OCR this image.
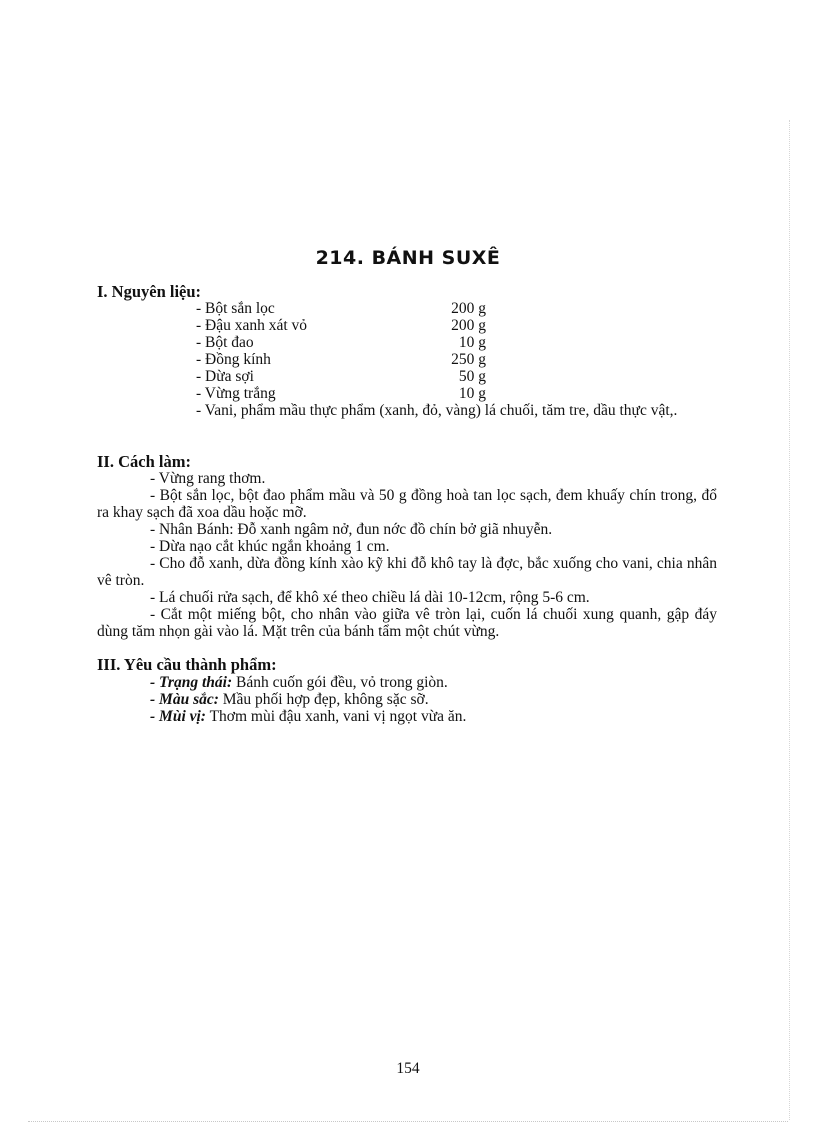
214. BÁNH SUXÊ
I. Nguyên liệu:
- Bột sắn lọc	200 g
- Đậu xanh xát vỏ	200 g
- Bột đao	10 g
- Đồng kính	250 g
- Dừa sợi	50 g
- Vừng trắng	10 g

- Vani, phẩm mầu thực phẩm (xanh, đỏ, vàng) lá chuối, tăm tre, dầu thực vật,.

II. Cách làm:

- Vừng rang thơm.

- Bột sắn lọc, bột đao phẩm mầu và 50 g đồng hoà tan lọc sạch, đem khuấy chín trong, đổ ra khay sạch đã xoa dầu hoặc mỡ.

- Nhân Bánh: Đỗ xanh ngâm nở, đun nớc đồ chín bở giã nhuyễn.

- Dừa nạo cắt khúc ngắn khoảng 1 cm.

- Cho đỗ xanh, dừa đồng kính xào kỹ khi đỗ khô tay là đợc, bắc xuống cho vani, chia nhân vê tròn.

- Lá chuối rửa sạch, để khô xé theo chiều lá dài 10-12cm, rộng 5-6 cm.

- Cắt một miếng bột, cho nhân vào giữa vê tròn lại, cuốn lá chuối xung quanh, gập đáy dùng tăm nhọn gài vào lá. Mặt trên của bánh tẩm một chút vừng.

III. Yêu cầu thành phẩm:

- Trạng thái: Bánh cuốn gói đều, vỏ trong giòn.

- Màu sắc: Mầu phối hợp đẹp, không sặc sỡ.

- Mùi vị: Thơm mùi đậu xanh, vani vị ngọt vừa ăn.

154
